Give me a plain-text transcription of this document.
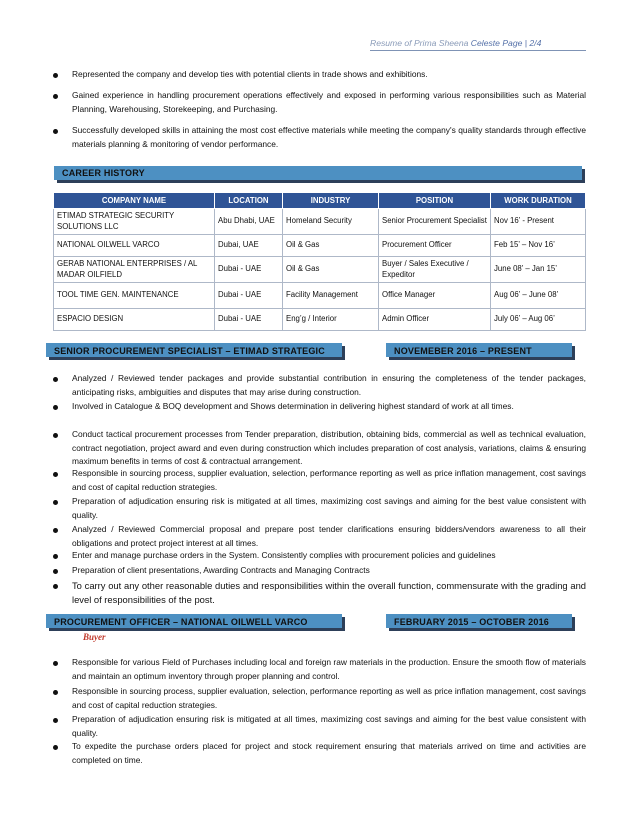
Resume of Prima Sheena Celeste Page | 2/4
Represented the company and develop ties with potential clients in trade shows and exhibitions.
Gained experience in handling procurement operations effectively and exposed in performing various responsibilities such as Material Planning, Warehousing, Storekeeping, and Purchasing.
Successfully developed skills in attaining the most cost effective materials while meeting the company's quality standards through effective materials planning & monitoring of vendor performance.
CAREER HISTORY
COMPANY NAME	LOCATION	INDUSTRY	POSITION	WORK DURATION
ETIMAD STRATEGIC SECURITY SOLUTIONS LLC	Abu Dhabi, UAE	Homeland Security	Senior Procurement Specialist	Nov 16’ - Present
NATIONAL OILWELL VARCO	Dubai, UAE	Oil & Gas	Procurement Officer	Feb 15’ – Nov 16’
GERAB NATIONAL ENTERPRISES / AL MADAR OILFIELD	Dubai - UAE	Oil & Gas	Buyer / Sales Executive / Expeditor	June 08’ – Jan 15’
TOOL TIME GEN. MAINTENANCE	Dubai - UAE	Facility Management	Office Manager	Aug 06’ – June 08’
ESPACIO DESIGN	Dubai - UAE	Eng’g / Interior	Admin Officer	July 06’ – Aug 06’
SENIOR PROCUREMENT SPECIALIST – ETIMAD STRATEGIC	NOVEMEBER 2016 – PRESENT
Analyzed / Reviewed tender packages and provide substantial contribution in ensuring the completeness of the tender packages, anticipating risks, ambiguities and disputes that may arise during construction.
Involved in Catalogue & BOQ development and Shows determination in delivering highest standard of work at all times.
Conduct tactical procurement processes from Tender preparation, distribution, obtaining bids, commercial as well as technical evaluation, contract negotiation, project award and even during construction which includes preparation of cost analysis, variations, claims & ensuring maximum benefits in terms of cost & contractual arrangement.
Responsible in sourcing process, supplier evaluation, selection, performance reporting as well as price inflation management, cost savings and cost of capital reduction strategies.
Preparation of adjudication ensuring risk is mitigated at all times, maximizing cost savings and aiming for the best value consistent with quality.
Analyzed / Reviewed Commercial proposal and prepare post tender clarifications ensuring bidders/vendors awareness to all their obligations and protect project interest at all times.
Enter and manage purchase orders in the System. Consistently complies with procurement policies and guidelines
Preparation of client presentations, Awarding Contracts and Managing Contracts
To carry out any other reasonable duties and responsibilities within the overall function, commensurate with the grading and level of responsibilities of the post.
PROCUREMENT OFFICER – NATIONAL OILWELL VARCO	FEBRUARY 2015 – OCTOBER 2016
Buyer
Responsible for various Field of Purchases including local and foreign raw materials in the production. Ensure the smooth flow of materials and maintain an optimum inventory through proper planning and control.
Responsible in sourcing process, supplier evaluation, selection, performance reporting as well as price inflation management, cost savings and cost of capital reduction strategies.
Preparation of adjudication ensuring risk is mitigated at all times, maximizing cost savings and aiming for the best value consistent with quality.
To expedite the purchase orders placed for project and stock requirement ensuring that materials arrived on time and activities are completed on time.
